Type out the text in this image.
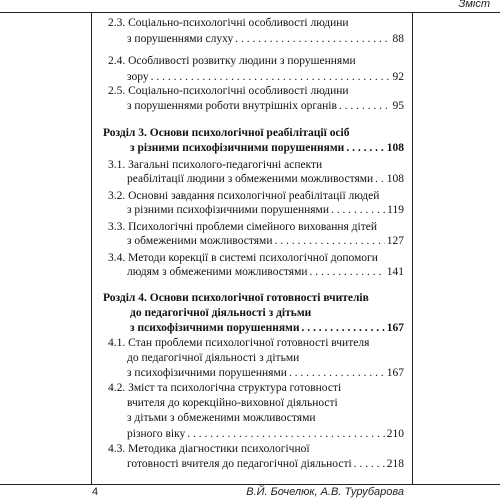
Зміст
2.3. Соціально-психологічні особливості людини
з порушеннями слуху . . .	88
2.4. Особливості розвитку людини з порушеннями
зору . . .	92
2.5. Соціально-психологічні особливості людини
з порушеннями роботи внутрішніх органів . . .	95
Розділ 3. Основи психологічної реабілітації осіб
з різними психофізичними порушеннями . . .	108
3.1. Загальні психолого-педагогічні аспекти
реабілітації людини з обмеженими можливостями . . . 108
3.2. Основні завдання психологічної реабілітації людей
з різними психофізичними порушеннями . . .	119
3.3. Психологічні проблеми сімейного виховання дітей
з обмеженими можливостями . . .	127
3.4. Методи корекції в системі психологічної допомоги
людям з обмеженими можливостями . . .	141
Розділ 4. Основи психологічної готовності вчителів
до педагогічної діяльності з дітьми
з психофізичними порушеннями . . .	167
4.1. Стан проблеми психологічної готовності вчителя
до педагогічної діяльності з дітьми
з психофізичними порушеннями . . .	167
4.2. Зміст та психологічна структура готовності
вчителя до корекційно-виховної діяльності
з дітьми з обмеженими можливостями
різного віку . . .	210
4.3. Методика діагностики психологічної
готовності вчителя до педагогічної діяльності . . .	218
4	В.Й. Бочелюк, А.В. Турубарова
